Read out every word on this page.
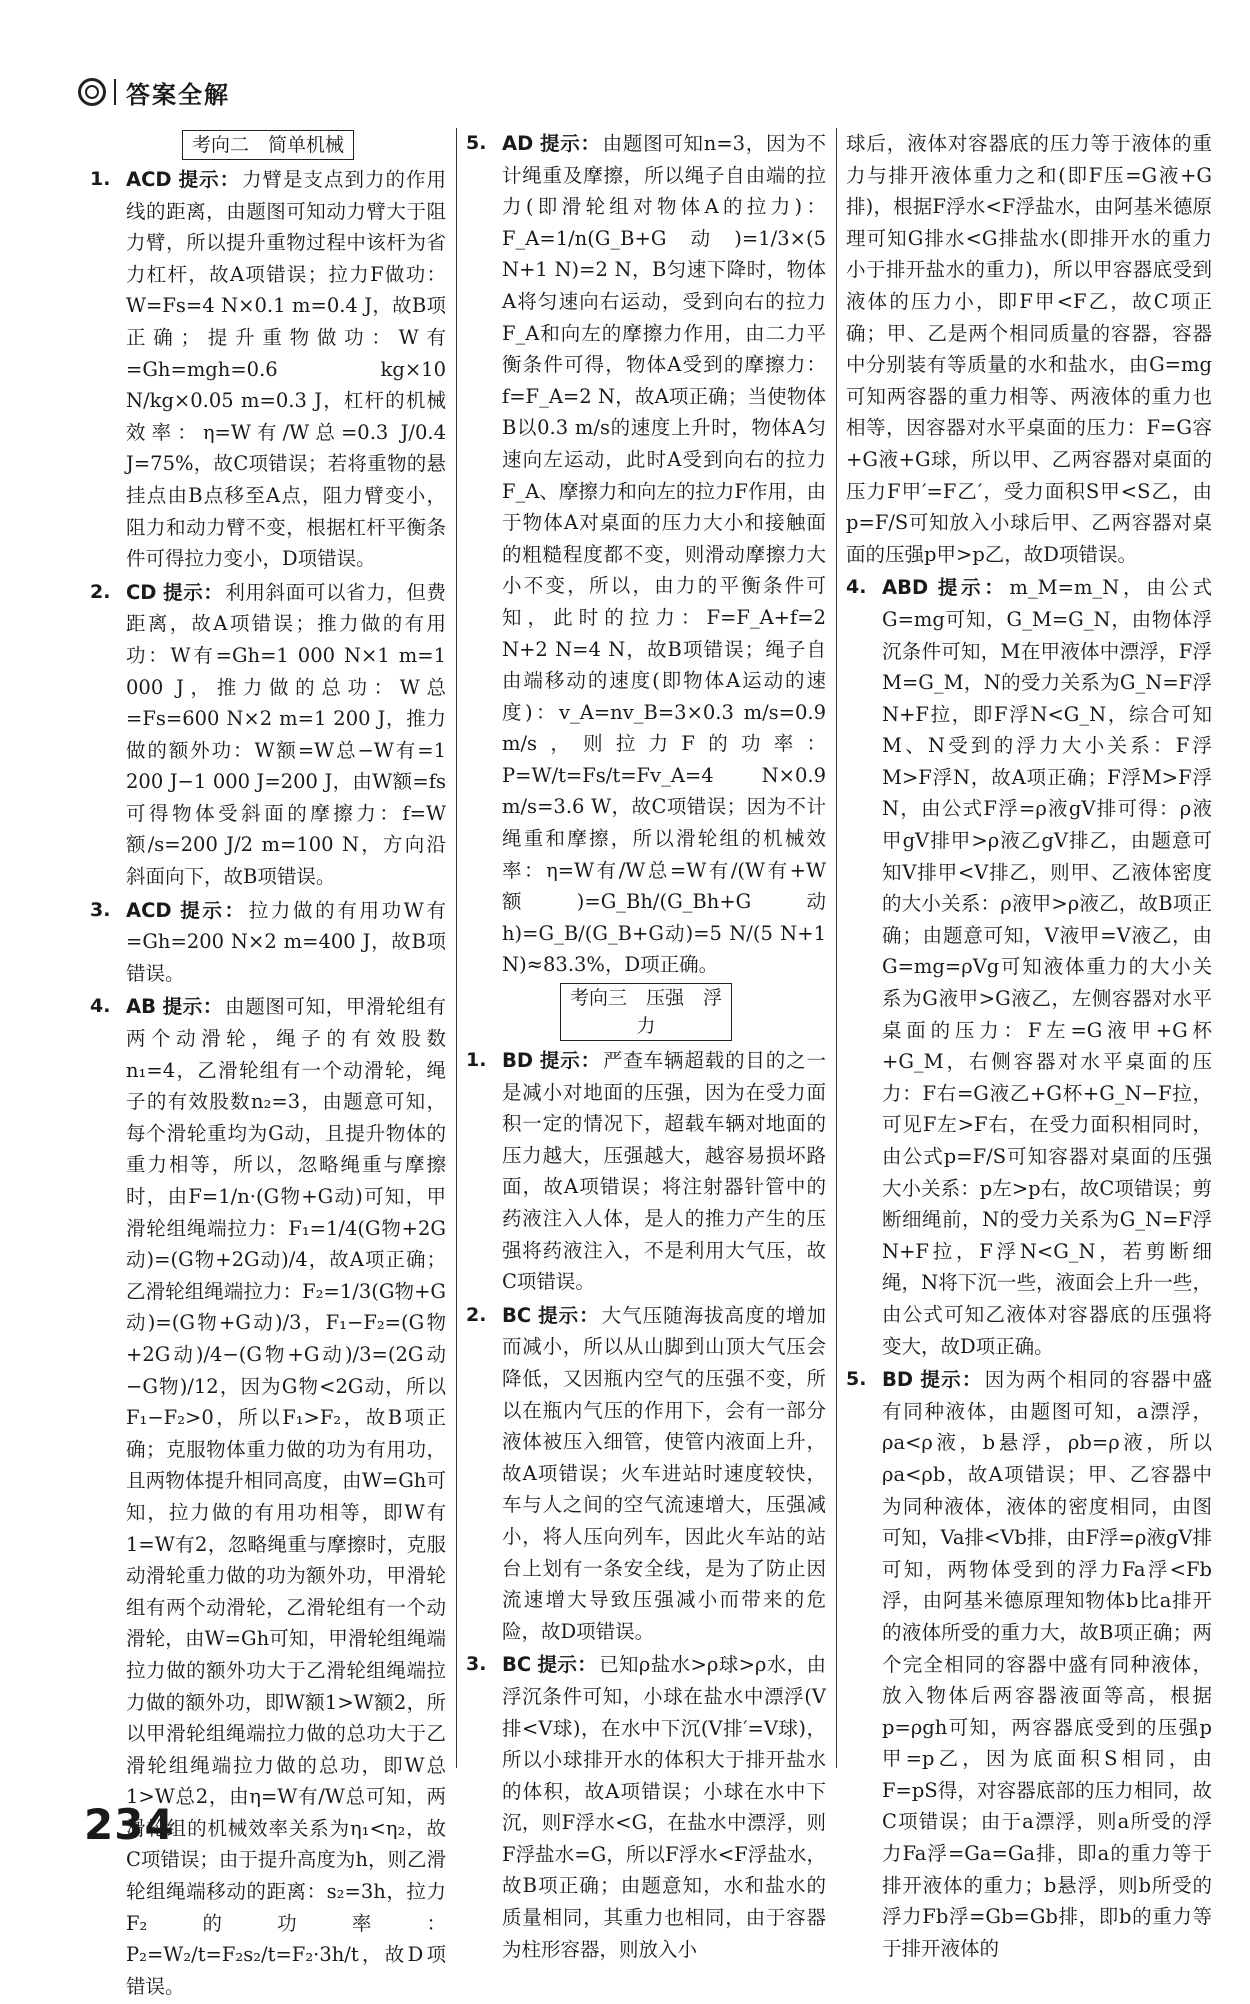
答案全解
考向二　简单机械
1. ACD 提示： 力臂是支点到力的作用线的距离，由题图可知动力臂大于阻力臂，所以提升重物过程中该杆为省力杠杆，故A项错误；拉力F做功：W=Fs=4 N×0.1 m=0.4 J，故B项正确；提升重物做功：W有=Gh=mgh=0.6 kg×10 N/kg×0.05 m=0.3 J，杠杆的机械效率：η=W有/W总=0.3 J/0.4 J=75%，故C项错误；若将重物的悬挂点由B点移至A点，阻力臂变小，阻力和动力臂不变，根据杠杆平衡条件可得拉力变小，D项错误。
2. CD 提示： 利用斜面可以省力，但费距离，故A项错误；推力做的有用功：W有=Gh=1 000 N×1 m=1 000 J，推力做的总功：W总=Fs=600 N×2 m=1 200 J，推力做的额外功：W额=W总−W有=1 200 J−1 000 J=200 J，由W额=fs可得物体受斜面的摩擦力：f=W额/s=200 J/2 m=100 N，方向沿斜面向下，故B项错误。
3. ACD 提示： 拉力做的有用功W有=Gh=200 N×2 m=400 J，故B项错误。
4. AB 提示： 由题图可知，甲滑轮组有两个动滑轮，绳子的有效股数n₁=4，乙滑轮组有一个动滑轮，绳子的有效股数n₂=3，由题意可知，每个滑轮重均为G动，且提升物体的重力相等，所以，忽略绳重与摩擦时，由F=1/n·(G物+G动)可知，甲滑轮组绳端拉力：F₁=1/4(G物+2G动)=(G物+2G动)/4，故A项正确；乙滑轮组绳端拉力：F₂=1/3(G物+G动)=(G物+G动)/3，F₁−F₂=(G物+2G动)/4−(G物+G动)/3=(2G动−G物)/12，因为G物<2G动，所以F₁−F₂>0，所以F₁>F₂，故B项正确；克服物体重力做的功为有用功，且两物体提升相同高度，由W=Gh可知，拉力做的有用功相等，即W有1=W有2，忽略绳重与摩擦时，克服动滑轮重力做的功为额外功，甲滑轮组有两个动滑轮，乙滑轮组有一个动滑轮，由W=Gh可知，甲滑轮组绳端拉力做的额外功大于乙滑轮组绳端拉力做的额外功，即W额1>W额2，所以甲滑轮组绳端拉力做的总功大于乙滑轮组绳端拉力做的总功，即W总1>W总2，由η=W有/W总可知，两滑轮组的机械效率关系为η₁<η₂，故C项错误；由于提升高度为h，则乙滑轮组绳端移动的距离：s₂=3h，拉力F₂的功率：P₂=W₂/t=F₂s₂/t=F₂·3h/t，故D项错误。
5. AD 提示： 由题图可知n=3，因为不计绳重及摩擦，所以绳子自由端的拉力(即滑轮组对物体A的拉力)：F_A=1/n(G_B+G动)=1/3×(5 N+1 N)=2 N，B匀速下降时，物体A将匀速向右运动，受到向右的拉力F_A和向左的摩擦力作用，由二力平衡条件可得，物体A受到的摩擦力：f=F_A=2 N，故A项正确；当使物体B以0.3 m/s的速度上升时，物体A匀速向左运动，此时A受到向右的拉力F_A、摩擦力和向左的拉力F作用，由于物体A对桌面的压力大小和接触面的粗糙程度都不变，则滑动摩擦力大小不变，所以，由力的平衡条件可知，此时的拉力：F=F_A+f=2 N+2 N=4 N，故B项错误；绳子自由端移动的速度(即物体A运动的速度)：v_A=nv_B=3×0.3 m/s=0.9 m/s，则拉力F的功率：P=W/t=Fs/t=Fv_A=4 N×0.9 m/s=3.6 W，故C项错误；因为不计绳重和摩擦，所以滑轮组的机械效率：η=W有/W总=W有/(W有+W额)=G_Bh/(G_Bh+G动h)=G_B/(G_B+G动)=5 N/(5 N+1 N)≈83.3%，D项正确。
考向三　压强　浮力
1. BD 提示： 严查车辆超载的目的之一是减小对地面的压强，因为在受力面积一定的情况下，超载车辆对地面的压力越大，压强越大，越容易损坏路面，故A项错误；将注射器针管中的药液注入人体，是人的推力产生的压强将药液注入，不是利用大气压，故C项错误。
2. BC 提示： 大气压随海拔高度的增加而减小，所以从山脚到山顶大气压会降低，又因瓶内空气的压强不变，所以在瓶内气压的作用下，会有一部分液体被压入细管，使管内液面上升，故A项错误；火车进站时速度较快，车与人之间的空气流速增大，压强减小，将人压向列车，因此火车站的站台上划有一条安全线，是为了防止因流速增大导致压强减小而带来的危险，故D项错误。
3. BC 提示： 已知ρ盐水>ρ球>ρ水，由浮沉条件可知，小球在盐水中漂浮(V排<V球)，在水中下沉(V排′=V球)，所以小球排开水的体积大于排开盐水的体积，故A项错误；小球在水中下沉，则F浮水<G，在盐水中漂浮，则F浮盐水=G，所以F浮水<F浮盐水，故B项正确；由题意知，水和盐水的质量相同，其重力也相同，由于容器为柱形容器，则放入小
球后，液体对容器底的压力等于液体的重力与排开液体重力之和(即F压=G液+G排)，根据F浮水<F浮盐水，由阿基米德原理可知G排水<G排盐水(即排开水的重力小于排开盐水的重力)，所以甲容器底受到液体的压力小，即F甲<F乙，故C项正确；甲、乙是两个相同质量的容器，容器中分别装有等质量的水和盐水，由G=mg可知两容器的重力相等、两液体的重力也相等，因容器对水平桌面的压力：F=G容+G液+G球，所以甲、乙两容器对桌面的压力F甲′=F乙′，受力面积S甲<S乙，由p=F/S可知放入小球后甲、乙两容器对桌面的压强p甲>p乙，故D项错误。
4. ABD 提示： m_M=m_N，由公式G=mg可知，G_M=G_N，由物体浮沉条件可知，M在甲液体中漂浮，F浮M=G_M，N的受力关系为G_N=F浮N+F拉，即F浮N<G_N，综合可知M、N受到的浮力大小关系：F浮M>F浮N，故A项正确；F浮M>F浮N，由公式F浮=ρ液gV排可得：ρ液甲gV排甲>ρ液乙gV排乙，由题意可知V排甲<V排乙，则甲、乙液体密度的大小关系：ρ液甲>ρ液乙，故B项正确；由题意可知，V液甲=V液乙，由G=mg=ρVg可知液体重力的大小关系为G液甲>G液乙，左侧容器对水平桌面的压力：F左=G液甲+G杯+G_M，右侧容器对水平桌面的压力：F右=G液乙+G杯+G_N−F拉，可见F左>F右，在受力面积相同时，由公式p=F/S可知容器对桌面的压强大小关系：p左>p右，故C项错误；剪断细绳前，N的受力关系为G_N=F浮N+F拉，F浮N<G_N，若剪断细绳，N将下沉一些，液面会上升一些，由公式可知乙液体对容器底的压强将变大，故D项正确。
5. BD 提示： 因为两个相同的容器中盛有同种液体，由题图可知，a漂浮，ρa<ρ液，b悬浮，ρb=ρ液，所以ρa<ρb，故A项错误；甲、乙容器中为同种液体，液体的密度相同，由图可知，Va排<Vb排，由F浮=ρ液gV排可知，两物体受到的浮力Fa浮<Fb浮，由阿基米德原理知物体b比a排开的液体所受的重力大，故B项正确；两个完全相同的容器中盛有同种液体，放入物体后两容器液面等高，根据p=ρgh可知，两容器底受到的压强p甲=p乙，因为底面积S相同，由F=pS得，对容器底部的压力相同，故C项错误；由于a漂浮，则a所受的浮力Fa浮=Ga=Ga排，即a的重力等于排开液体的重力；b悬浮，则b所受的浮力Fb浮=Gb=Gb排，即b的重力等于排开液体的
234
